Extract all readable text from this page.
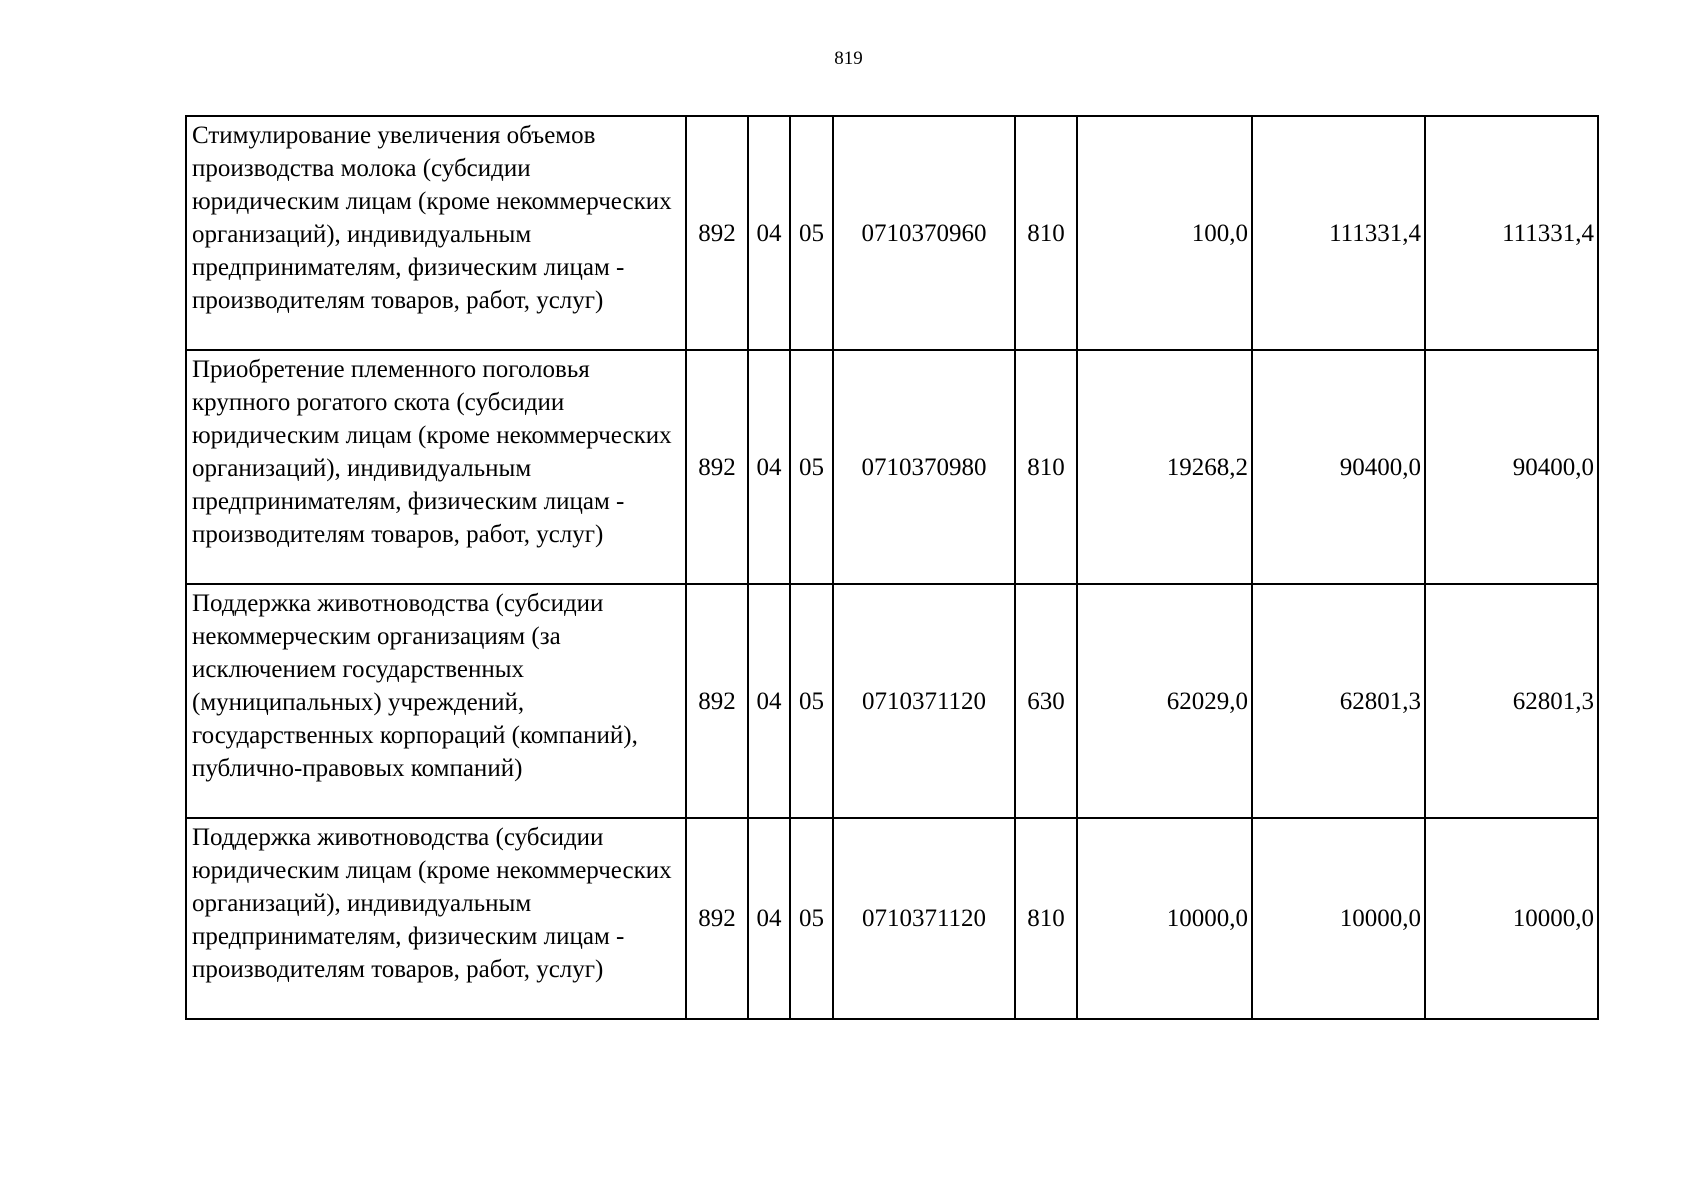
819
Стимулирование увеличения объемов производства молока (субсидии юридическим лицам (кроме некоммерческих организаций), индивидуальным предпринимателям, физическим лицам - производителям товаров, работ, услуг)	892	04	05	0710370960	810	100,0	111331,4	111331,4
Приобретение племенного поголовья крупного рогатого скота (субсидии юридическим лицам (кроме некоммерческих организаций), индивидуальным предпринимателям, физическим лицам - производителям товаров, работ, услуг)	892	04	05	0710370980	810	19268,2	90400,0	90400,0
Поддержка животноводства (субсидии некоммерческим организациям (за исключением государственных (муниципальных) учреждений, государственных корпораций (компаний), публично-правовых компаний)	892	04	05	0710371120	630	62029,0	62801,3	62801,3
Поддержка животноводства (субсидии юридическим лицам (кроме некоммерческих организаций), индивидуальным предпринимателям, физическим лицам - производителям товаров, работ, услуг)	892	04	05	0710371120	810	10000,0	10000,0	10000,0
